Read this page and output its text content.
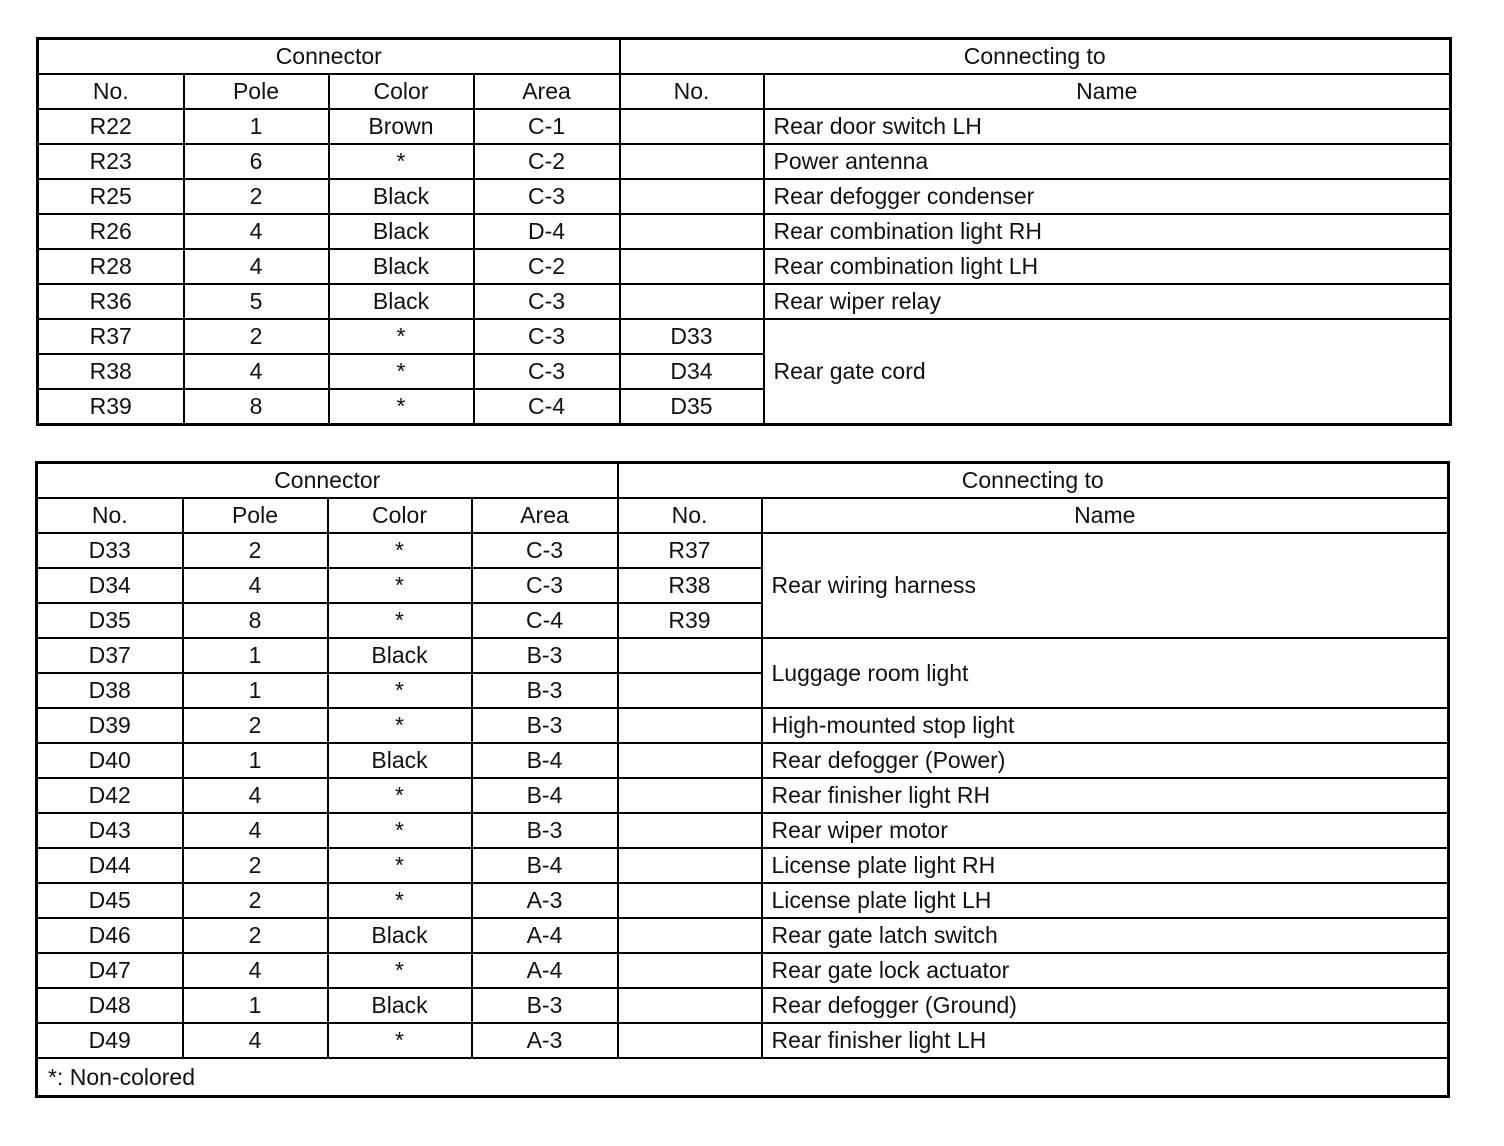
Connector				Connecting to	
No.	Pole	Color	Area	No.	Name
R22	1	Brown	C-1		Rear door switch LH
R23	6	*	C-2		Power antenna
R25	2	Black	C-3		Rear defogger condenser
R26	4	Black	D-4		Rear combination light RH
R28	4	Black	C-2		Rear combination light LH
R36	5	Black	C-3		Rear wiper relay
R37	2	*	C-3	D33	Rear gate cord
R38	4	*	C-3	D34	
R39	8	*	C-4	D35	
Connector				Connecting to	
No.	Pole	Color	Area	No.	Name
D33	2	*	C-3	R37	Rear wiring harness
D34	4	*	C-3	R38	
D35	8	*	C-4	R39	
D37	1	Black	B-3		Luggage room light
D38	1	*	B-3		
D39	2	*	B-3		High-mounted stop light
D40	1	Black	B-4		Rear defogger (Power)
D42	4	*	B-4		Rear finisher light RH
D43	4	*	B-3		Rear wiper motor
D44	2	*	B-4		License plate light RH
D45	2	*	A-3		License plate light LH
D46	2	Black	A-4		Rear gate latch switch
D47	4	*	A-4		Rear gate lock actuator
D48	1	Black	B-3		Rear defogger (Ground)
D49	4	*	A-3		Rear finisher light LH
*: Non-colored					
